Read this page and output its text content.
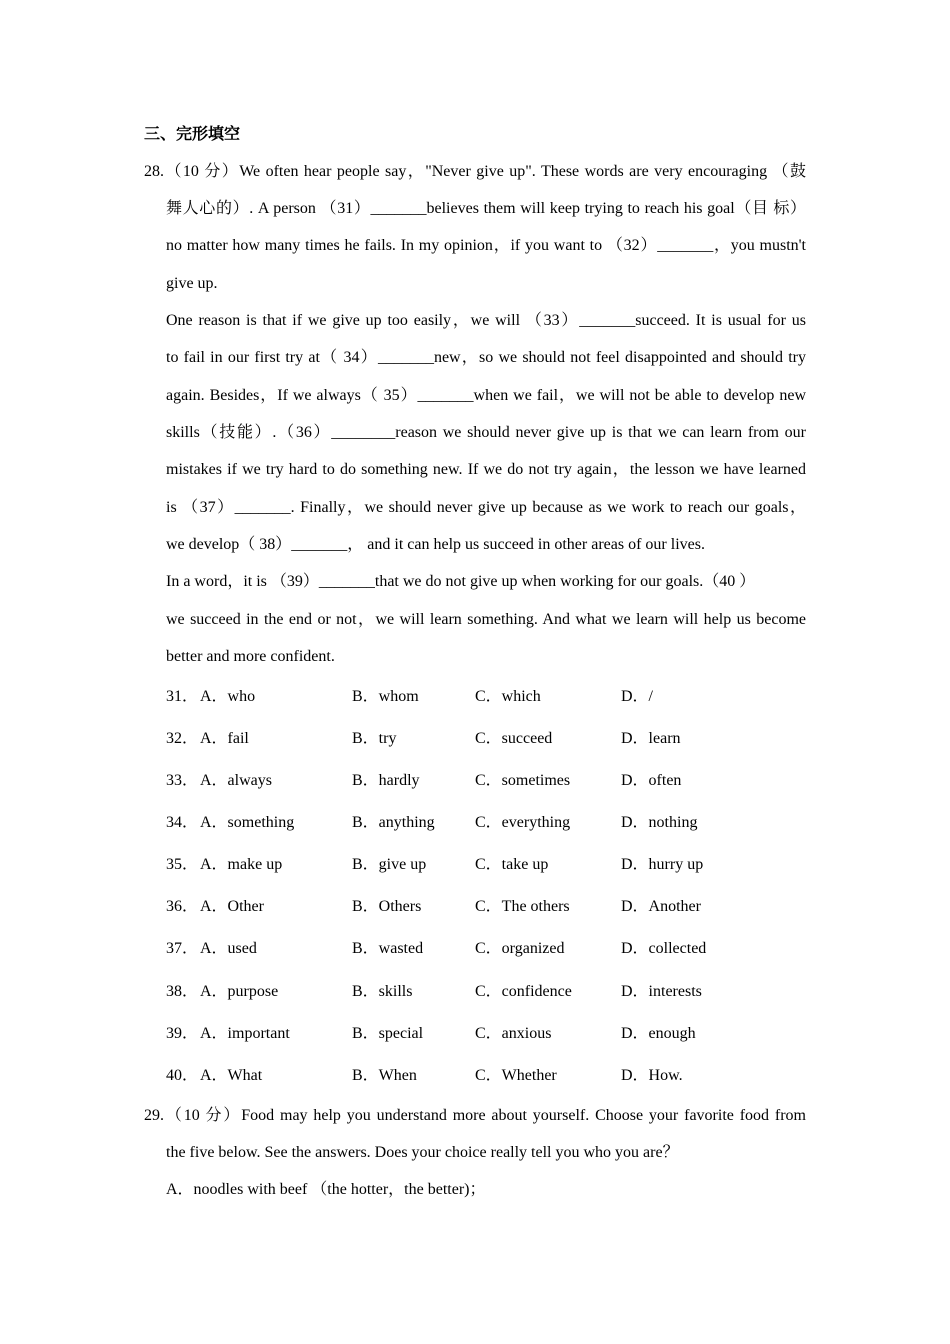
三、完形填空
28.（10 分）We often hear people say，"Never give up". These words are very encouraging （鼓
舞人心的）. A person （31）_______believes them will keep trying to reach his goal（目 标）
no matter how many times he fails. In my opinion，if you want to （32）_______，you mustn't
give up.
One reason is that if we give up too easily，we will （33）_______succeed. It is usual for us
to fail in our first try at（ 34）_______new，so we should not feel disappointed and should try
again. Besides，If we always（ 35）_______when we fail，we will not be able to develop new
skills（技能）.（36）________reason we should never give up is that we can learn from our
mistakes if we try hard to do something new. If we do not try again，the lesson we have learned
is （37）_______. Finally，we should never give up because as we work to reach our goals，
we develop（ 38）_______， and it can help us succeed in other areas of our lives.
In a word，it is （39）_______that we do not give up when working for our goals.（40 ）
we succeed in the end or not，we will learn something. And what we learn will help us become
better and more confident.
31． A．who	B．whom	C．which	D．/
32． A．fail	B．try	C．succeed	D．learn
33． A．always	B．hardly	C．sometimes	D．often
34． A．something	B．anything	C．everything	D．nothing
35． A．make up	B．give up	C．take up	D．hurry up
36． A．Other	B．Others	C．The others	D．Another
37． A．used	B．wasted	C．organized	D．collected
38． A．purpose	B．skills	C．confidence	D．interests
39． A．important	B．special	C．anxious	D．enough
40． A．What	B．When	C．Whether	D．How.
29.（10 分）Food may help you understand more about yourself. Choose your favorite food from
the five below. See the answers. Does your choice really tell you who you are？
A．noodles with beef （the hotter，the better)；
